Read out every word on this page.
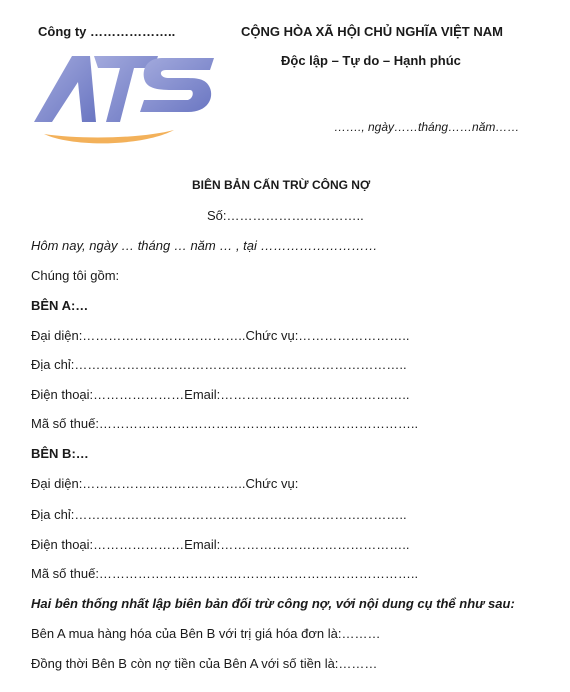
Công ty ………………..	CỘNG HÒA XÃ HỘI CHỦ NGHĨA VIỆT NAM
Độc lập – Tự do – Hạnh phúc
……., ngày……tháng……năm……
BIÊN BẢN CẤN TRỪ CÔNG NỢ
Số:…………………………..
Hôm nay, ngày … tháng … năm … , tại ………………………
Chúng tôi gồm:
BÊN A:…
Đại diện:………………………………..Chức vụ:……………………..
Địa chỉ:…………………………………………………………………..
Điện thoại:…………………Email:……………………………………..
Mã số thuế:………………………………………………………………..
BÊN B:…
Đại diện:………………………………..Chức vụ:
Địa chỉ:…………………………………………………………………..
Điện thoại:…………………Email:……………………………………..
Mã số thuế:………………………………………………………………..
Hai bên thống nhất lập biên bản đối trừ công nợ, với nội dung cụ thể như sau:
Bên A mua hàng hóa của Bên B với trị giá hóa đơn là:………
Đồng thời Bên B còn nợ tiền của Bên A với số tiền là:………
